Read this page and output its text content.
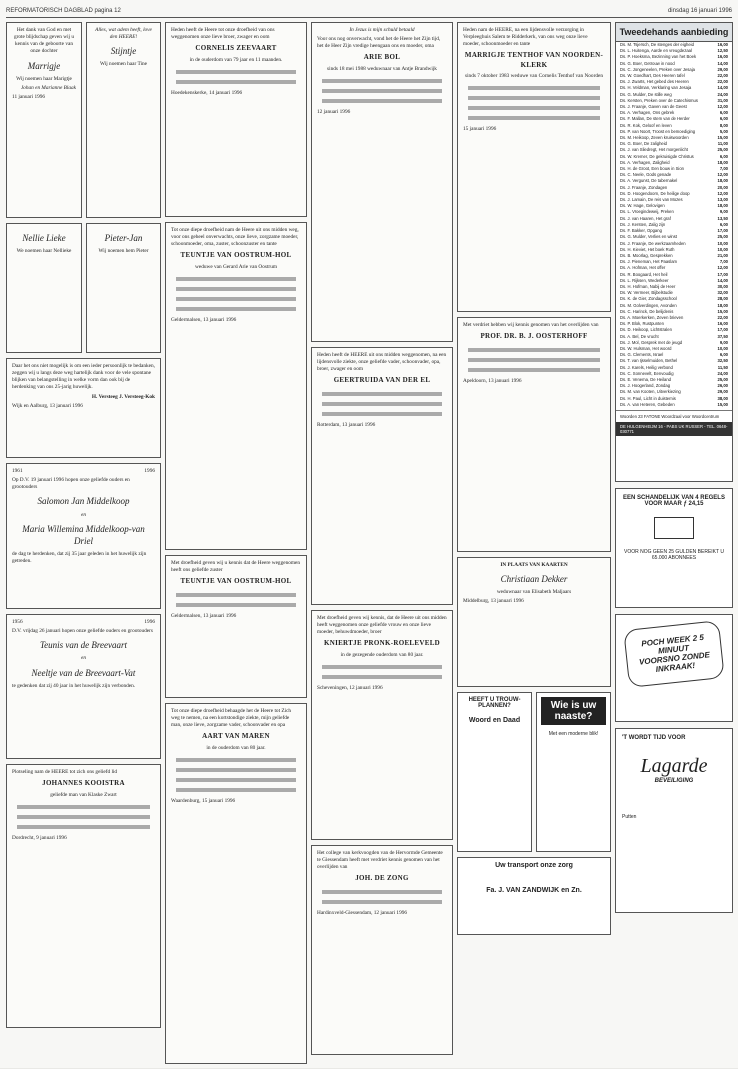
REFORMATORISCH DAGBLAD pagina 12	dinsdag 16 januari 1996

Het dank van God en met grote blijdschap geven wij u kennis van de geboorte van onze dochter

Marrigje

Wij noemen haar Marigtje

Johan en Marianne Blaak

11 januari 1996

Alles, wat adem heeft, love den HEERE!

Stijntje

Wij noemen haar Tine

Nellie Lieke

We noemen haar Nellieke

Pieter-Jan

Wij noemen hem Pieter

Daar het ons niet mogelijk is om een ieder persoonlijk te bedanken, zeggen wij u langs deze weg hartelijk dank voor de vele spontane blijken van belangstelling in welke vorm dan ook bij de herdenking van ons 25-jarig huwelijk.

H. Versteeg J. Versteeg-Kok

Wijk en Aalburg, 13 januari 1996

1961	1996

Op D.V. 19 januari 1996 hopen onze geliefde ouders en grootouders

Salomon Jan Middelkoop

en

Maria Willemina Middelkoop-van Driel

de dag te herdenken, dat zij 35 jaar geleden in het huwelijk zijn getreden.

1956	1996

D.V. vrijdag 26 januari hopen onze geliefde ouders en grootouders

Teunis van de Breevaart

en

Neeltje van de Breevaart-Vat

te gedenken dat zij 40 jaar in het huwelijk zijn verbonden.

Plotseling nam de HEERE tot zich ons geliefd lid

JOHANNES KOOISTRA

geliefde man van Klaske Zwart

Dordrecht, 9 januari 1996

Heden heeft de Heere tot onze droefheid van ons weggenomen onze lieve broer, zwager en oom

CORNELIS ZEEVAART

in de ouderdom van 79 jaar en 11 maanden.

Hoedekenskerke, 14 januari 1996

Tot onze diepe droefheid nam de Heere uit ons midden weg, voor ons geheel onverwachts, onze lieve, zorgzame moeder, schoonmoeder, oma, zuster, schoonzuster en tante

TEUNTJE VAN OOSTRUM-HOL

weduwe van Gerard Arie van Oostrum

Geldermalsen, 13 januari 1996

Met droefheid geven wij u kennis dat de Heere weggenomen heeft ons geliefde zuster

TEUNTJE VAN OOSTRUM-HOL

Geldermalsen, 13 januari 1996

Tot onze diepe droefheid behaagde het de Heere tot Zich weg te nemen, na een kortstondige ziekte, mijn geliefde man, onze lieve, zorgzame vader, schoonvader en opa

AART VAN MAREN

in de ouderdom van 80 jaar.

Waardenburg, 15 januari 1996

In Jezus is mijn schuld betaald

Voor ons nog onverwacht, vond het de Heere het Zijn tijd, het de Heer Zijn vredige heengaan ons en moeder, oma

ARIE BOL

sinds 18 mei 1988 weduwnaar van Antje Brandwijk

12 januari 1996

Heden heeft de HEERE uit ons midden weggenomen, na een lijdensvolle ziekte, onze geliefde vader, schoonvader, opa, broer, zwager en oom

GEERTRUIDA VAN DER EL

Rotterdam, 13 januari 1996

Met droefheid geven wij kennis, dat de Heere uit ons midden heeft weggenomen onze geliefde vrouw en onze lieve moeder, behuwdmoeder, broer

KNIERTJE PRONK-ROELEVELD

in de gezegende ouderdom van 80 jaar.

Scheveningen, 12 januari 1996

Het college van kerkvoogden van de Hervormde Gemeente te Giessendam heeft met verdriet kennis genomen van het overlijden van

JOH. DE ZONG

Hardinxveld-Giessendam, 12 januari 1996

Heden nam de HEERE, na een lijdensvolle verzorging in Verpleeghuis Salem te Ridderkerk, van ons weg onze lieve moeder, schoonmoeder en tante

MARRIGJE TENTHOF VAN NOORDEN-KLERK

sinds 7 oktober 1983 weduwe van Cornelis Tenthof van Noorden

15 januari 1996

Met verdriet hebben wij kennis genomen van het overlijden van

PROF. DR. B. J. OOSTERHOFF

Apeldoorn, 13 januari 1996

IN PLAATS VAN KAARTEN

Christiaan Dekker

weduwnaar van Elisabeth Maljaars

Middelburg, 13 januari 1996

HEEFT U TROUW-PLANNEN?
Woord en Daad
Wie is uw naaste?
Met een moderne blik!
Uw transport onze zorg
Fa. J. VAN ZANDWIJK en Zn.
Tweedehands aanbieding
Ds. M. Tsjersch, De stenges der eigheid	16,00
Ds. L. Huitenga, Aarde en vreugdezaal	12,50
Ds. P. Hoeksma, Bezinning van het Boek	16,00
Ds. G. Boer, Getrouw in nood	14,00
Ds. C. Jongeneelen, Preken over Jesaja	29,00
Ds. W. Goedhart, Des Heeren tafel	22,00
Ds. J. Zwarts, Het gebed des Heeren	22,00
Ds. H. Veldman, Verklaring van Jesaja	14,00
Ds. G. Mulder, De stille weg	24,00
Ds. Kersten, Preken over de Catechismus	31,00
Ds. J. Fraanje, Gaven van de Geest	12,00
Ds. A. Verhagen, Ons gebrek	6,00
Ds. F. Mallan, De stem van de Herder	6,00
Ds. R. Kok, Geloof en leven	8,00
Ds. P. van Noort, Troost en bemoediging	5,00
Ds. M. Heikoop, Zeven kruiswoorden	15,00
Ds. G. Boer, De zaligheid	11,00
Ds. J. van Sliedregt, Het morgenlicht	25,00
Ds. W. Kremer, De gekruisigde Christus	6,00
Ds. A. Verhagen, Zaligheid	18,00
Ds. H. de Groot, Een bouw in Sion	7,00
Ds. C. Neele, Gods genade	12,00
Ds. A. Vergunst, De tabernakel	18,00
Ds. J. Fraanje, Zondagen	20,00
Ds. D. Hoogendoorn, De heilige doop	12,00
Ds. J. Lamain, De reis van Mozes	13,00
Ds. W. Hage, Gelovigen	18,00
Ds. L. Vroegindeweij, Preken	9,00
Ds. J. van Haaren, Het graf	13,50
Ds. J. Kersten, Zalig zijn	6,00
Ds. F. Bakker, Opgang	17,00
Ds. G. Mulder, Verlies en winst	25,00
Ds. J. Fraanje, De werkzaamheden	10,00
Ds. H. Kieviet, Het boek Ruth	10,00
Ds. B. Moorlag, Gesprekken	21,00
Ds. J. Pieneman, Het Paaslam	7,00
Ds. A. Hofman, Het offer	12,00
Ds. R. Boogaard, Het heil	17,00
Ds. L. Rijksen, Wederkeer	14,00
Ds. H. Hofman, Nabij de Heer	30,00
Ds. W. Vermeer, Bijbelstudie	32,00
Ds. K. de Gier, Zondagsschool	28,00
Ds. M. Golverdingen, Avonden	18,00
Ds. C. Harinck, De belijdenis	15,00
Ds. A. Moerkerken, Zeven brieven	22,00
Ds. P. Blok, Rustpunten	16,00
Ds. D. Heikoop, Lichtstralen	17,00
Ds. A. Bel, De vrucht	37,50
Ds. J. Mol, Gesprek met de jeugd	9,00
Ds. W. Hulsman, Het woord	10,00
Ds. G. Clements, Israel	6,00
Ds. T. van Ijsselmuiden, Bethel	32,50
Ds. J. Karels, Heilig verbond	11,50
Ds. C. Sonnevelt, Eenvoudig	24,00
Ds. E. Venema, De Heiland	25,00
Ds. J. Hoogerland, Zondag	26,00
Ds. M. van Kooten, Uitverkiezing	29,00
Ds. H. Paul, Licht in duisternis	38,00
Ds. A. van Heteren, Gebeden	15,00
Woorden 23 FATONE Woordzaal voor Woordcentrum
DE HULGENHEIJM 16 - PABS UK RUSSER - TEL. 0648-030771
EEN SCHANDELIJK VAN 4 REGELS VOOR MAAR ƒ 24,15
VOOR NOG GEEN 25 GULDEN BEREIKT U 65.000 ABONNEES
POCH WEEK 2 5 MINUUT VOORSNO ZONDE INKRAAK!
'T WORDT TIJD VOOR
Lagarde
BEVEILIGING
Putten
